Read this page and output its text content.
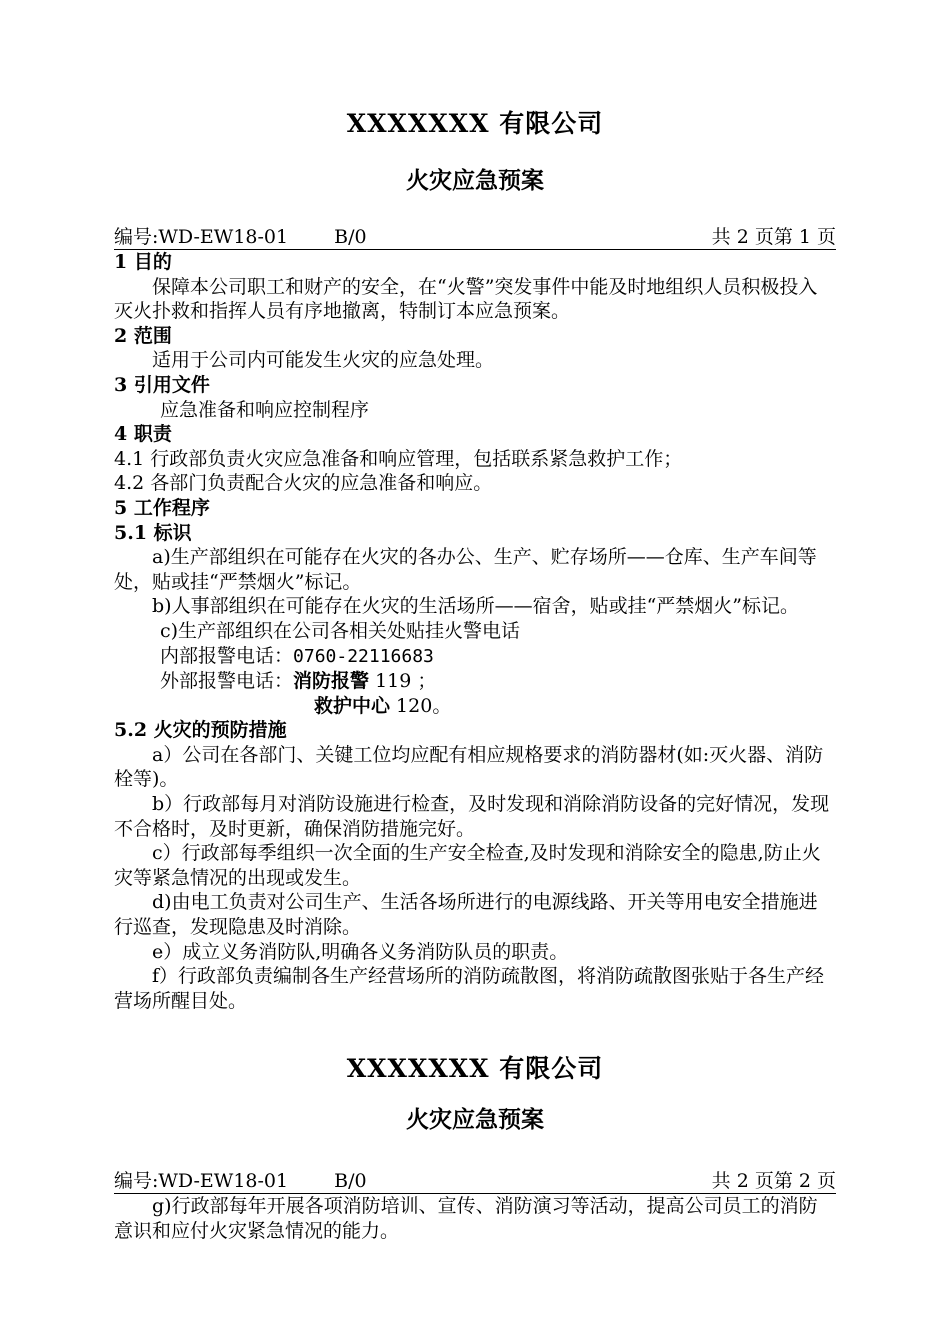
XXXXXXX 有限公司
火灾应急预案
编号:WD-EW18-01 B/0	共 2 页第 1 页

1 目的

保障本公司职工和财产的安全，在“火警”突发事件中能及时地组织人员积极投入灭火扑救和指挥人员有序地撤离，特制订本应急预案。

2 范围

适用于公司内可能发生火灾的应急处理。

3 引用文件

应急准备和响应控制程序

4 职责

4.1 行政部负责火灾应急准备和响应管理，包括联系紧急救护工作；

4.2 各部门负责配合火灾的应急准备和响应。

5 工作程序

5.1 标识

a)生产部组织在可能存在火灾的各办公、生产、贮存场所——仓库、生产车间等处，贴或挂“严禁烟火”标记。

b)人事部组织在可能存在火灾的生活场所——宿舍，贴或挂“严禁烟火”标记。

c)生产部组织在公司各相关处贴挂火警电话

内部报警电话：0760-22116683

外部报警电话：消防报警 119 ；

救护中心 120。

5.2 火灾的预防措施

a）公司在各部门、关键工位均应配有相应规格要求的消防器材(如:灭火器、消防栓等)。

b）行政部每月对消防设施进行检查，及时发现和消除消防设备的完好情况，发现不合格时，及时更新，确保消防措施完好。

c）行政部每季组织一次全面的生产安全检查,及时发现和消除安全的隐患,防止火灾等紧急情况的出现或发生。

d)由电工负责对公司生产、生活各场所进行的电源线路、开关等用电安全措施进行巡查，发现隐患及时消除。

e）成立义务消防队,明确各义务消防队员的职责。

f）行政部负责编制各生产经营场所的消防疏散图，将消防疏散图张贴于各生产经营场所醒目处。

XXXXXXX 有限公司
火灾应急预案
编号:WD-EW18-01 B/0	共 2 页第 2 页

g)行政部每年开展各项消防培训、宣传、消防演习等活动，提高公司员工的消防意识和应付火灾紧急情况的能力。
